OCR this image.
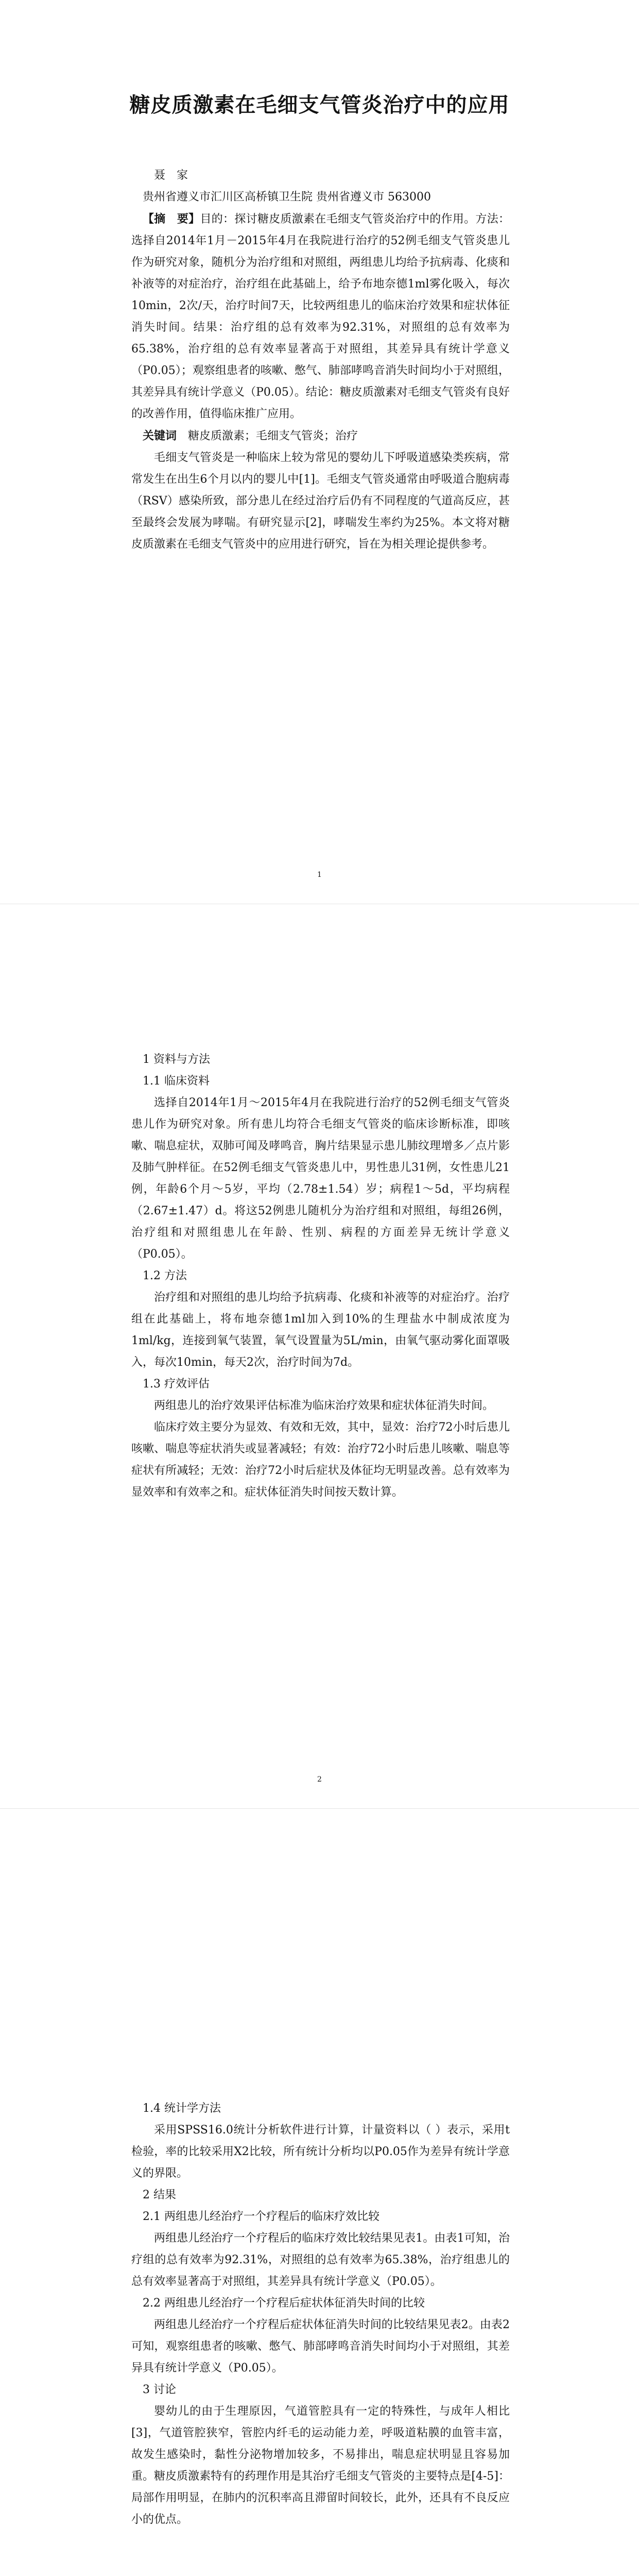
糖皮质激素在毛细支气管炎治疗中的应用

聂　家

贵州省遵义市汇川区高桥镇卫生院 贵州省遵义市 563000

【摘　要】目的：探讨糖皮质激素在毛细支气管炎治疗中的作用。方法：选择自2014年1月－2015年4月在我院进行治疗的52例毛细支气管炎患儿作为研究对象，随机分为治疗组和对照组，两组患儿均给予抗病毒、化痰和补液等的对症治疗，治疗组在此基础上，给予布地奈德1ml雾化吸入，每次10min，2次/天，治疗时间7天，比较两组患儿的临床治疗效果和症状体征消失时间。结果：治疗组的总有效率为92.31%，对照组的总有效率为65.38%，治疗组的总有效率显著高于对照组，其差异具有统计学意义（P0.05）；观察组患者的咳嗽、憋气、肺部哮鸣音消失时间均小于对照组，其差异具有统计学意义（P0.05）。结论：糖皮质激素对毛细支气管炎有良好的改善作用，值得临床推广应用。

关键词　 糖皮质激素；毛细支气管炎；治疗

毛细支气管炎是一种临床上较为常见的婴幼儿下呼吸道感染类疾病，常常发生在出生6个月以内的婴儿中[1]。毛细支气管炎通常由呼吸道合胞病毒（RSV）感染所致，部分患儿在经过治疗后仍有不同程度的气道高反应，甚至最终会发展为哮喘。有研究显示[2]，哮喘发生率约为25%。本文将对糖皮质激素在毛细支气管炎中的应用进行研究，旨在为相关理论提供参考。

1

1 资料与方法

1.1 临床资料

选择自2014年1月～2015年4月在我院进行治疗的52例毛细支气管炎患儿作为研究对象。所有患儿均符合毛细支气管炎的临床诊断标准，即咳嗽、喘息症状，双肺可闻及哮鸣音，胸片结果显示患儿肺纹理增多／点片影及肺气肿样征。在52例毛细支气管炎患儿中，男性患儿31例，女性患儿21例，年龄6个月～5岁，平均（2.78±1.54）岁；病程1～5d，平均病程（2.67±1.47）d。将这52例患儿随机分为治疗组和对照组，每组26例，治疗组和对照组患儿在年龄、性别、病程的方面差异无统计学意义（P0.05）。

1.2 方法

治疗组和对照组的患儿均给予抗病毒、化痰和补液等的对症治疗。治疗组在此基础上，将布地奈德1ml加入到10%的生理盐水中制成浓度为1ml/kg，连接到氧气装置，氧气设置量为5L/min，由氧气驱动雾化面罩吸入，每次10min，每天2次，治疗时间为7d。

1.3 疗效评估

两组患儿的治疗效果评估标准为临床治疗效果和症状体征消失时间。

临床疗效主要分为显效、有效和无效，其中，显效：治疗72小时后患儿咳嗽、喘息等症状消失或显著减轻；有效：治疗72小时后患儿咳嗽、喘息等症状有所减轻；无效：治疗72小时后症状及体征均无明显改善。总有效率为显效率和有效率之和。症状体征消失时间按天数计算。

2

1.4 统计学方法

采用SPSS16.0统计分析软件进行计算，计量资料以（ ）表示，采用t检验，率的比较采用X2比较，所有统计分析均以P0.05作为差异有统计学意义的界限。

2 结果

2.1 两组患儿经治疗一个疗程后的临床疗效比较

两组患儿经治疗一个疗程后的临床疗效比较结果见表1。由表1可知，治疗组的总有效率为92.31%，对照组的总有效率为65.38%，治疗组患儿的总有效率显著高于对照组，其差异具有统计学意义（P0.05）。

2.2 两组患儿经治疗一个疗程后症状体征消失时间的比较

两组患儿经治疗一个疗程后症状体征消失时间的比较结果见表2。由表2可知，观察组患者的咳嗽、憋气、肺部哮鸣音消失时间均小于对照组，其差异具有统计学意义（P0.05）。

3 讨论

婴幼儿的由于生理原因，气道管腔具有一定的特殊性，与成年人相比[3]，气道管腔狭窄，管腔内纤毛的运动能力差，呼吸道粘膜的血管丰富，故发生感染时，黏性分泌物增加较多，不易排出，喘息症状明显且容易加重。糖皮质激素特有的药理作用是其治疗毛细支气管炎的主要特点是[4-5]：局部作用明显，在肺内的沉积率高且滞留时间较长，此外，还具有不良反应小的优点。
